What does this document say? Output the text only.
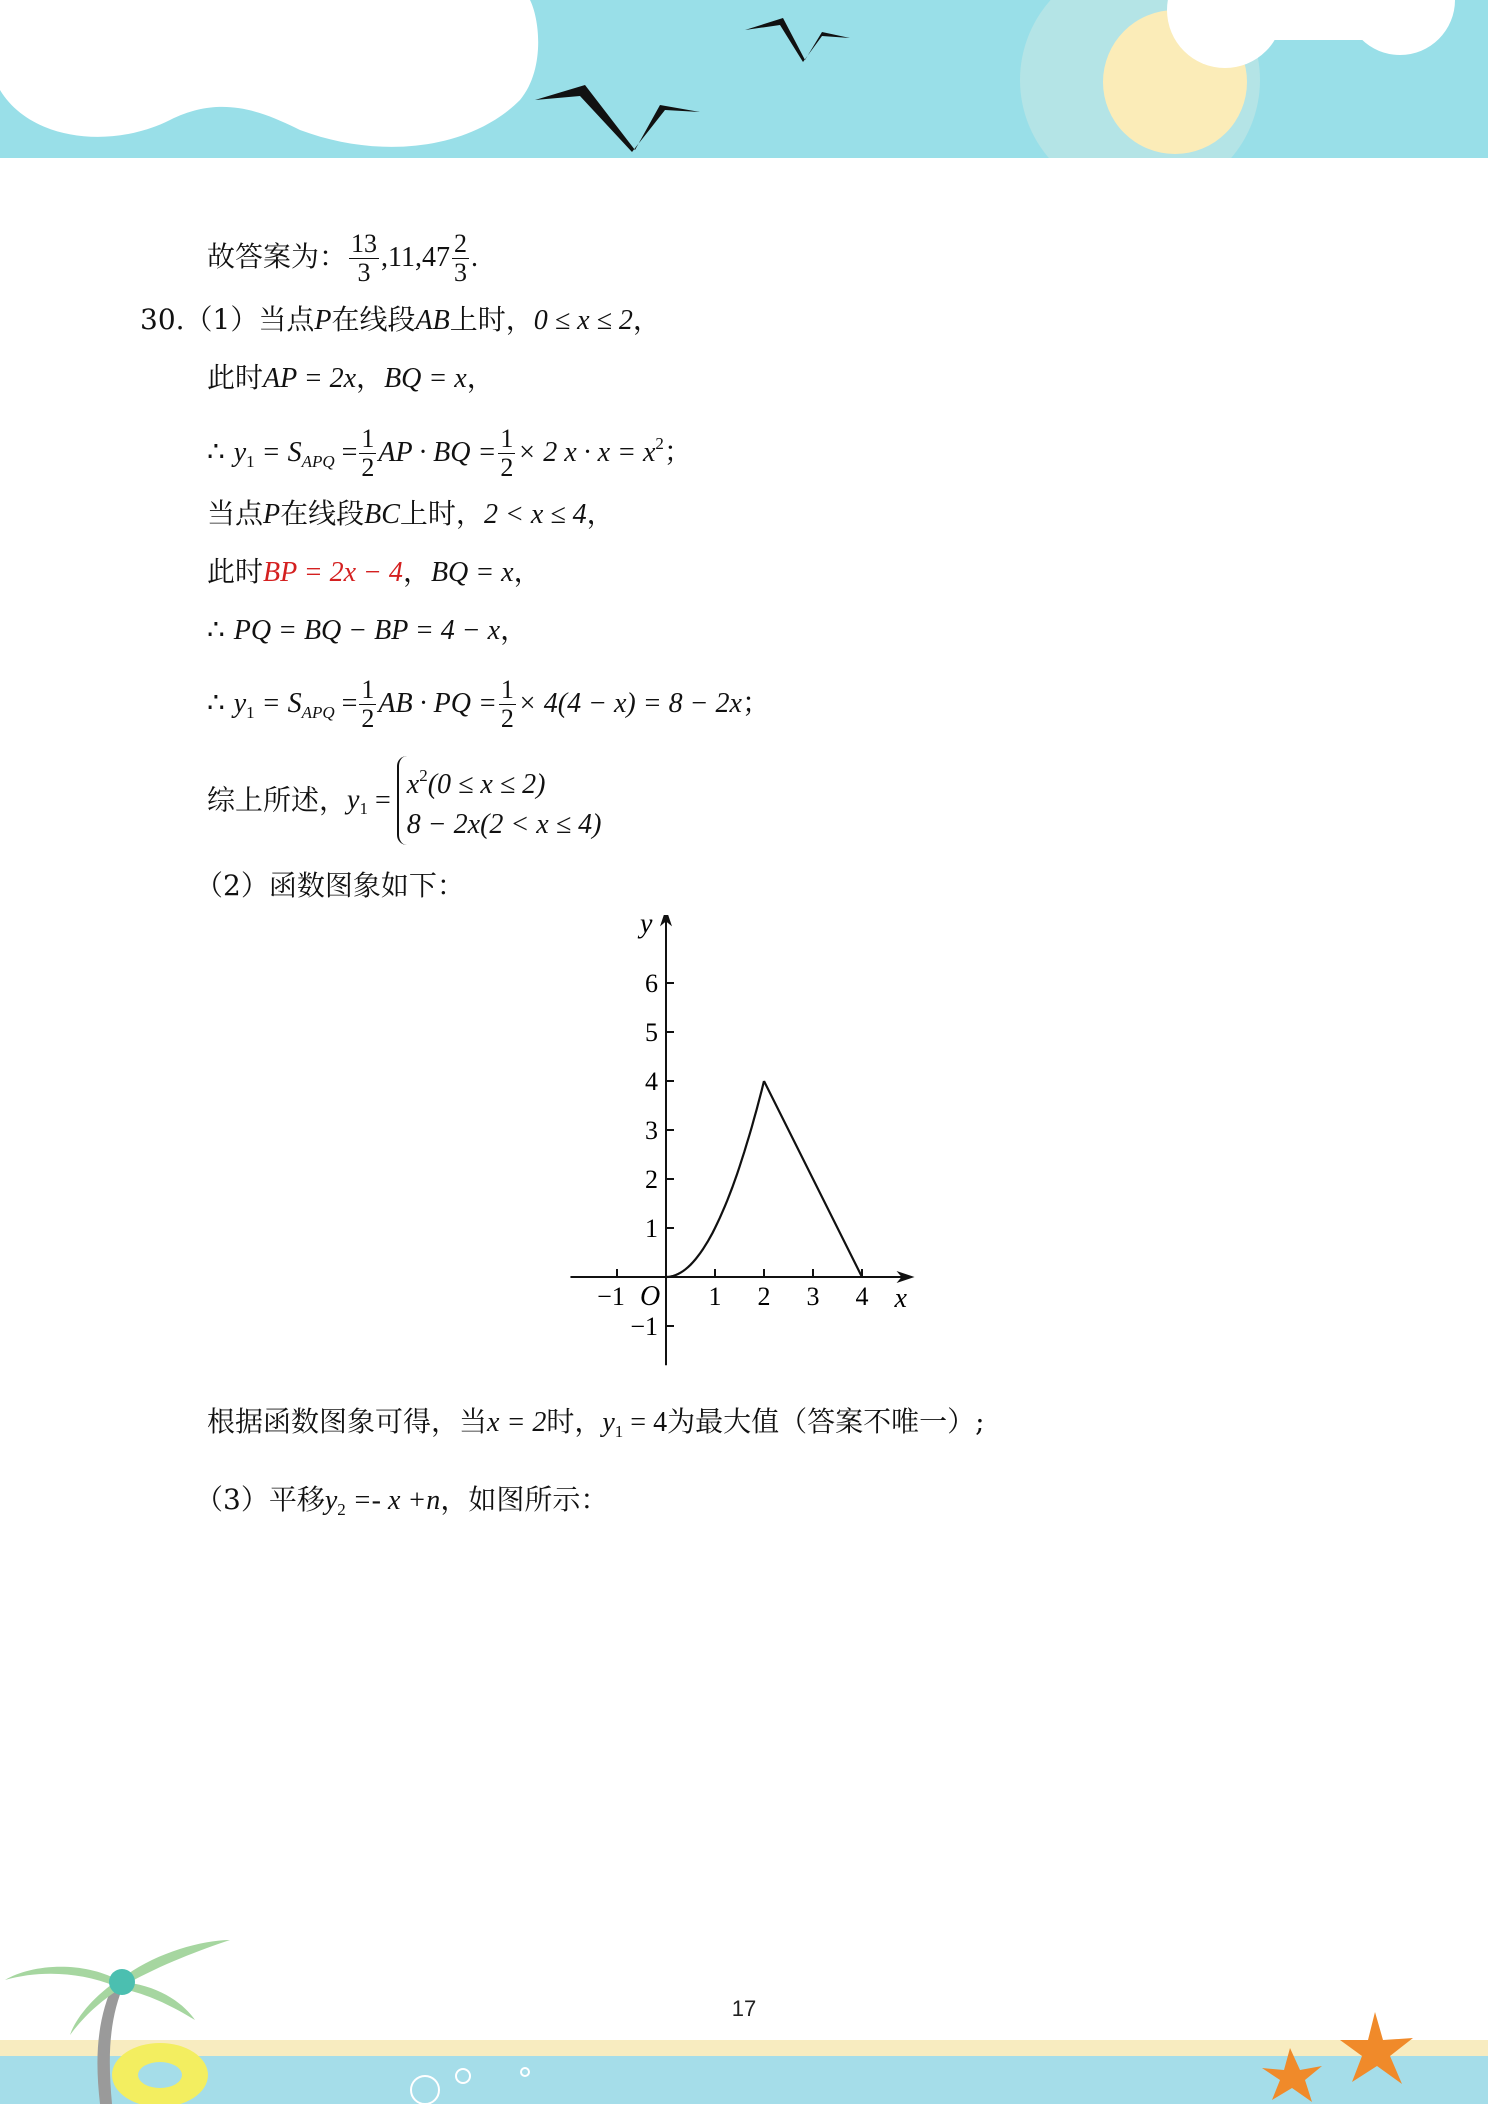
故答案为： $\frac{13}{3} ,11,47 \frac{2}{3}$ .
30.（1）当点P在线段AB上时，0 ≤ x ≤ 2，
此时AP = 2x，BQ = x，
∴ $y_1 = S_{APQ} = \frac{1}{2}$ AP · BQ = $\frac{1}{2} \times 2$ $x \cdot x = x^2$；
当点P在线段BC上时，2 < x ≤ 4，
此时BP = 2x − 4，BQ = x，
∴ PQ = BQ − BP = 4 − x，
∴ $y_1 = S_{APQ} = \frac{1}{2}$ AB · PQ = $\frac{1}{2} \times 4(4 - x) = 8 - 2x$；
综上所述，$y_1 = x^2(0 \le x \le 2)$
8 − 2x(2 < x ≤ 4)
（2）函数图象如下：
−1	1 2 3 4
−1
1
2
3
4
5
6
y
x
O
根据函数图象可得，当x = 2时，$y_1 = 4$为最大值（答案不唯一）;
（3）平移$y_2 =- x +n$，如图所示：
17
